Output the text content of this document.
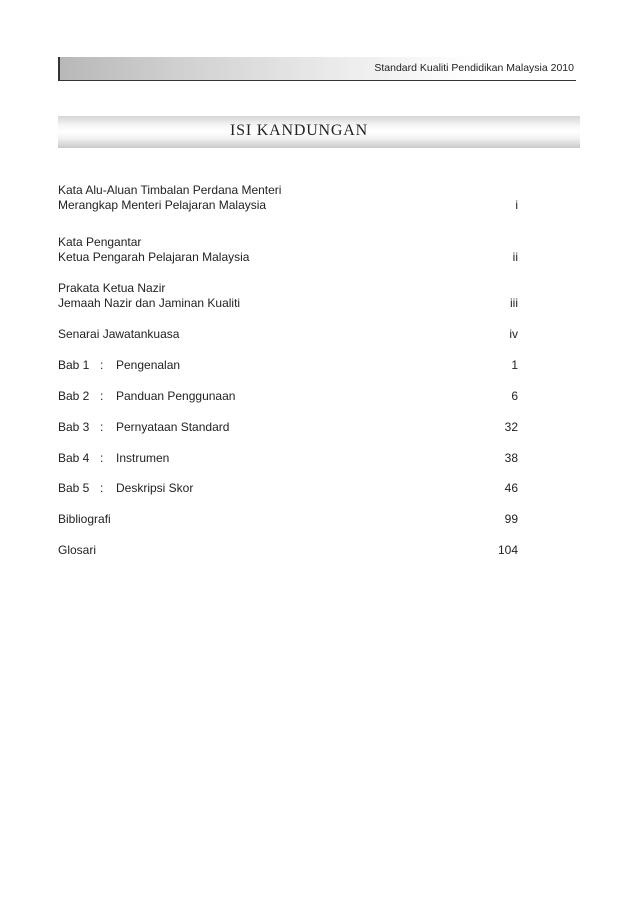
Standard Kualiti Pendidikan Malaysia 2010
ISI KANDUNGAN
Kata Alu-Aluan Timbalan Perdana Menteri
Merangkap Menteri Pelajaran Malaysia	i
Kata Pengantar
Ketua Pengarah Pelajaran Malaysia	ii
Prakata Ketua Nazir
Jemaah Nazir dan Jaminan Kualiti	iii
Senarai Jawatankuasa	iv
Bab 1 : Pengenalan	1
Bab 2 : Panduan Penggunaan	6
Bab 3 : Pernyataan Standard	32
Bab 4 : Instrumen	38
Bab 5 : Deskripsi Skor	46
Bibliografi	99
Glosari	104
